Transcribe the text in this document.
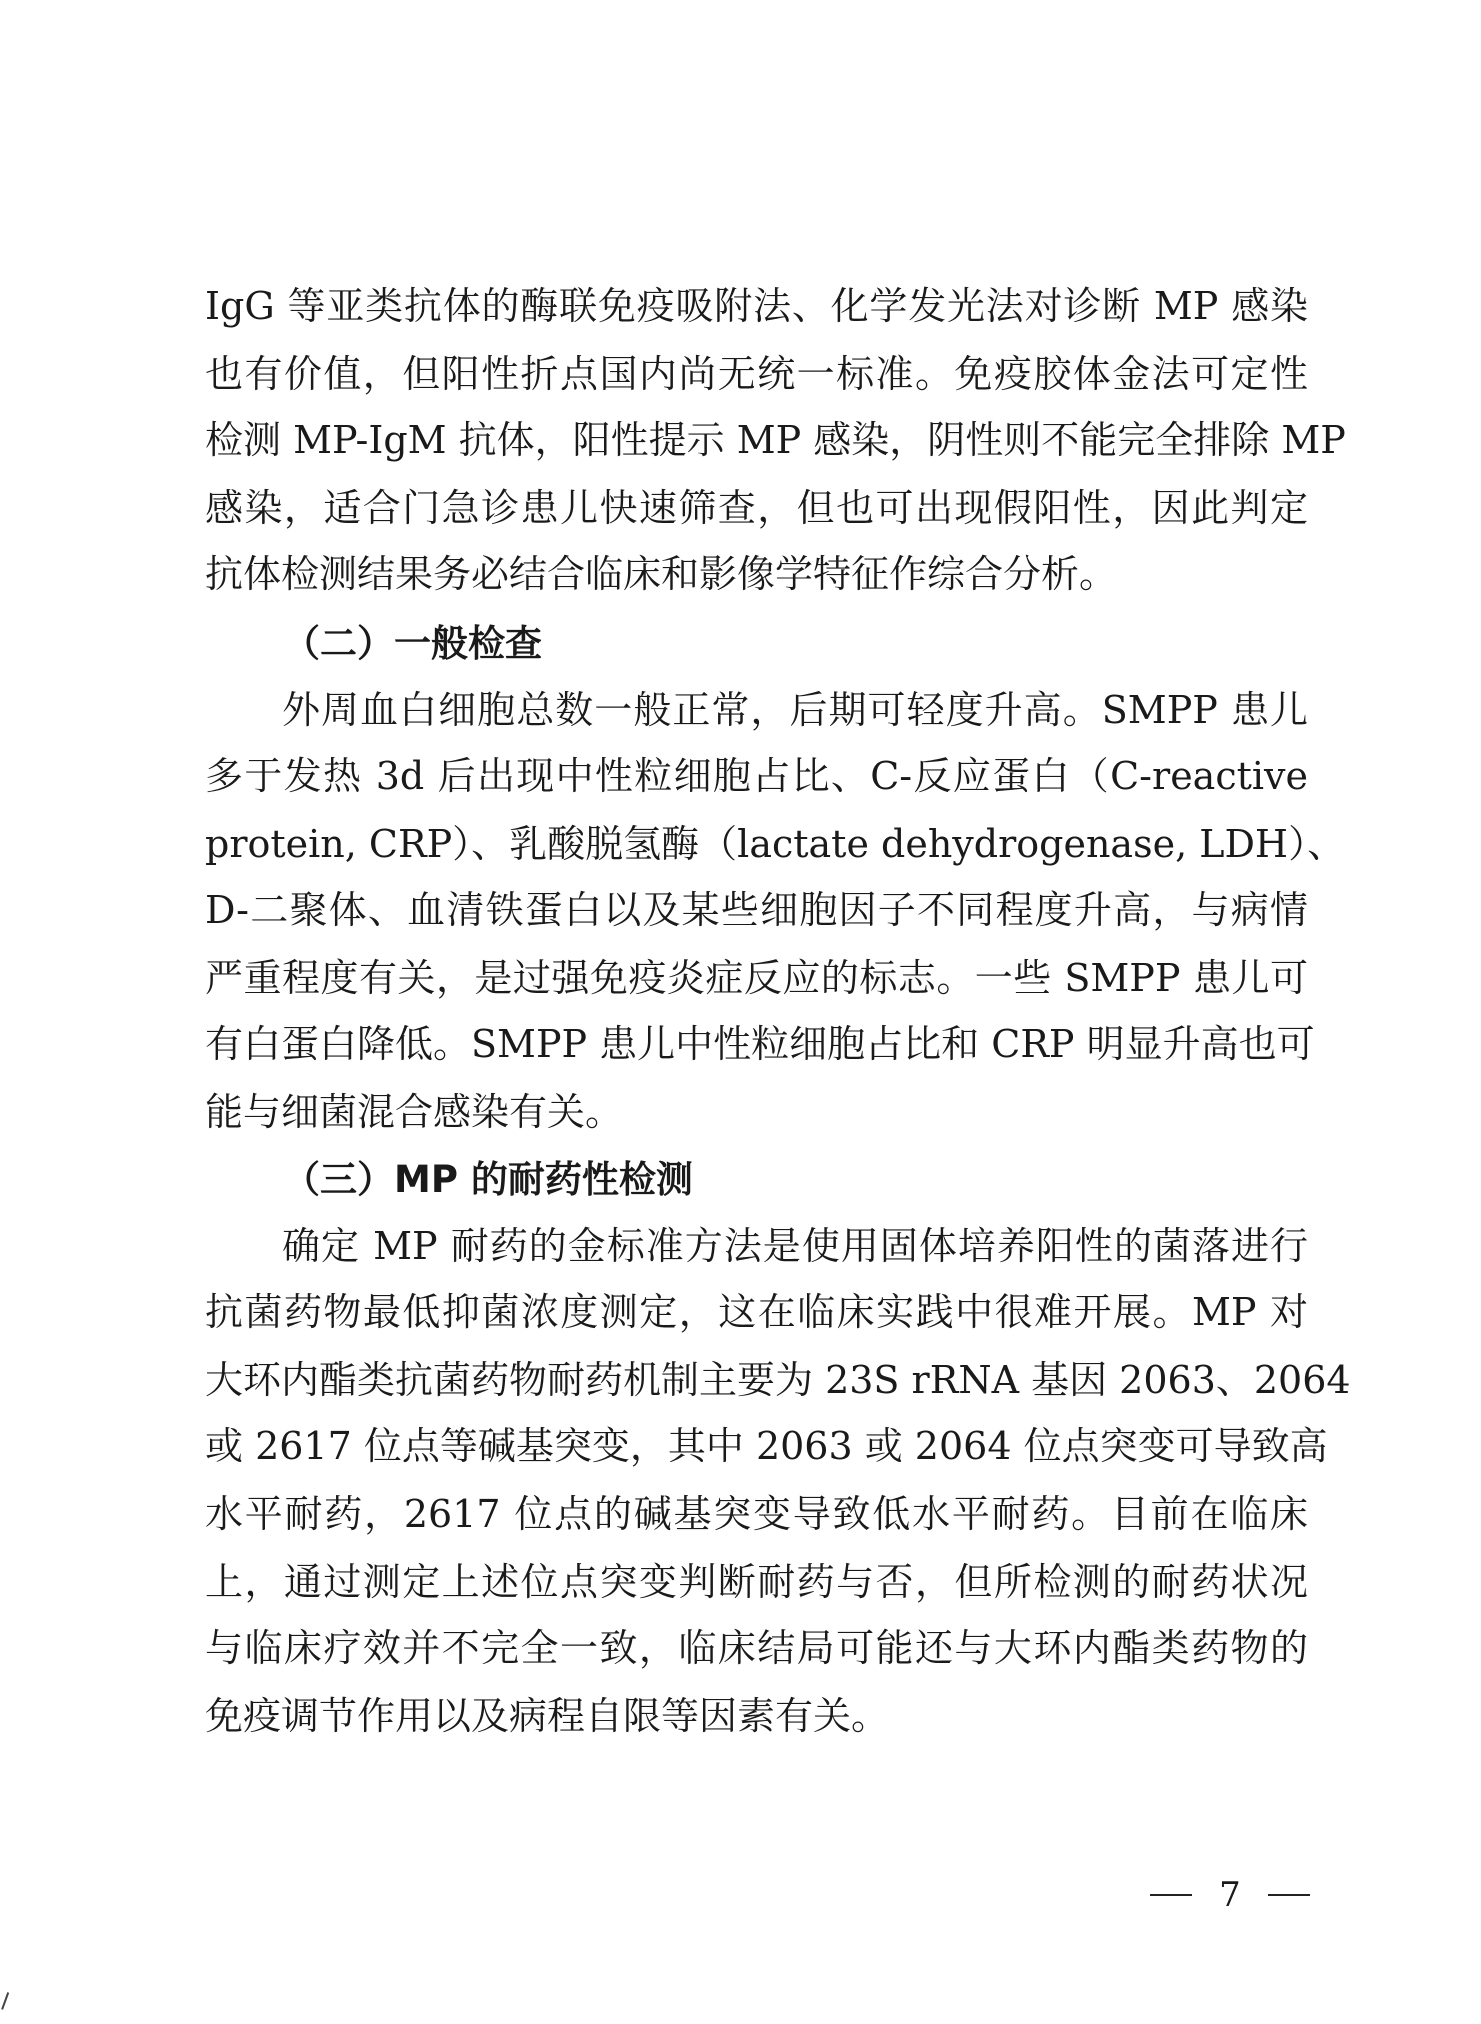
IgG 等亚类抗体的酶联免疫吸附法、化学发光法对诊断 MP 感染
也有价值，但阳性折点国内尚无统一标准。免疫胶体金法可定性
检测 MP-IgM 抗体，阳性提示 MP 感染，阴性则不能完全排除 MP
感染，适合门急诊患儿快速筛查，但也可出现假阳性，因此判定
抗体检测结果务必结合临床和影像学特征作综合分析。
（二）一般检查
外周血白细胞总数一般正常，后期可轻度升高。SMPP 患儿
多于发热 3d 后出现中性粒细胞占比、C-反应蛋白（C-reactive
protein, CRP）、乳酸脱氢酶（lactate dehydrogenase, LDH）、
D-二聚体、血清铁蛋白以及某些细胞因子不同程度升高，与病情
严重程度有关，是过强免疫炎症反应的标志。一些 SMPP 患儿可
有白蛋白降低。SMPP 患儿中性粒细胞占比和 CRP 明显升高也可
能与细菌混合感染有关。
（三）MP 的耐药性检测
确定 MP 耐药的金标准方法是使用固体培养阳性的菌落进行
抗菌药物最低抑菌浓度测定，这在临床实践中很难开展。MP 对
大环内酯类抗菌药物耐药机制主要为 23S rRNA 基因 2063、2064
或 2617 位点等碱基突变，其中 2063 或 2064 位点突变可导致高
水平耐药，2617 位点的碱基突变导致低水平耐药。目前在临床
上，通过测定上述位点突变判断耐药与否，但所检测的耐药状况
与临床疗效并不完全一致，临床结局可能还与大环内酯类药物的
免疫调节作用以及病程自限等因素有关。
7
